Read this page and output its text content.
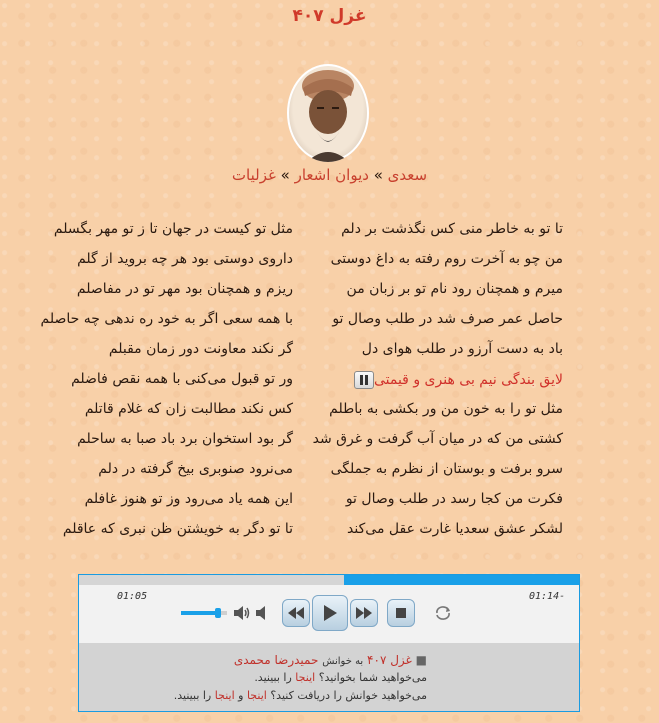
غزل ۴۰۷
سعدی » دیوان اشعار » غزلیات
تا تو به خاطر منی کس نگذشت بر دلم
مثل تو کیست در جهان تا ز تو مهر بگسلم
من چو به آخرت روم رفته به داغ دوستی
داروی دوستی بود هر چه بروید از گلم
میرم و همچنان رود نام تو بر زبان من
ریزم و همچنان بود مهر تو در مفاصلم
حاصل عمر صرف شد در طلب وصال تو
با همه سعی اگر به خود ره ندهی چه حاصلم
باد به دست آرزو در طلب هوای دل
گر نکند معاونت دور زمان مقبلم
لایق بندگی نیم بی هنری و قیمتی
ور تو قبول می‌کنی با همه نقص فاضلم
مثل تو را به خون من ور بکشی به باطلم
کس نکند مطالبت زان که غلام قاتلم
کشتی من که در میان آب گرفت و غرق شد
گر بود استخوان برد باد صبا به ساحلم
سرو برفت و بوستان از نظرم به جملگی
می‌نرود صنوبری بیخ گرفته در دلم
فکرت من کجا رسد در طلب وصال تو
این همه یاد می‌رود وز تو هنوز غافلم
لشکر عشق سعدیا غارت عقل می‌کند
تا تو دگر به خویشتن ظن نبری که عاقلم
01:05	01:14-
■ غزل ۴۰۷ به خوانش حمیدرضا محمدی
می‌خواهید شما بخوانید؟ اینجا را ببینید.
می‌خواهید خوانش را دریافت کنید؟ اینجا و اینجا را ببینید.
